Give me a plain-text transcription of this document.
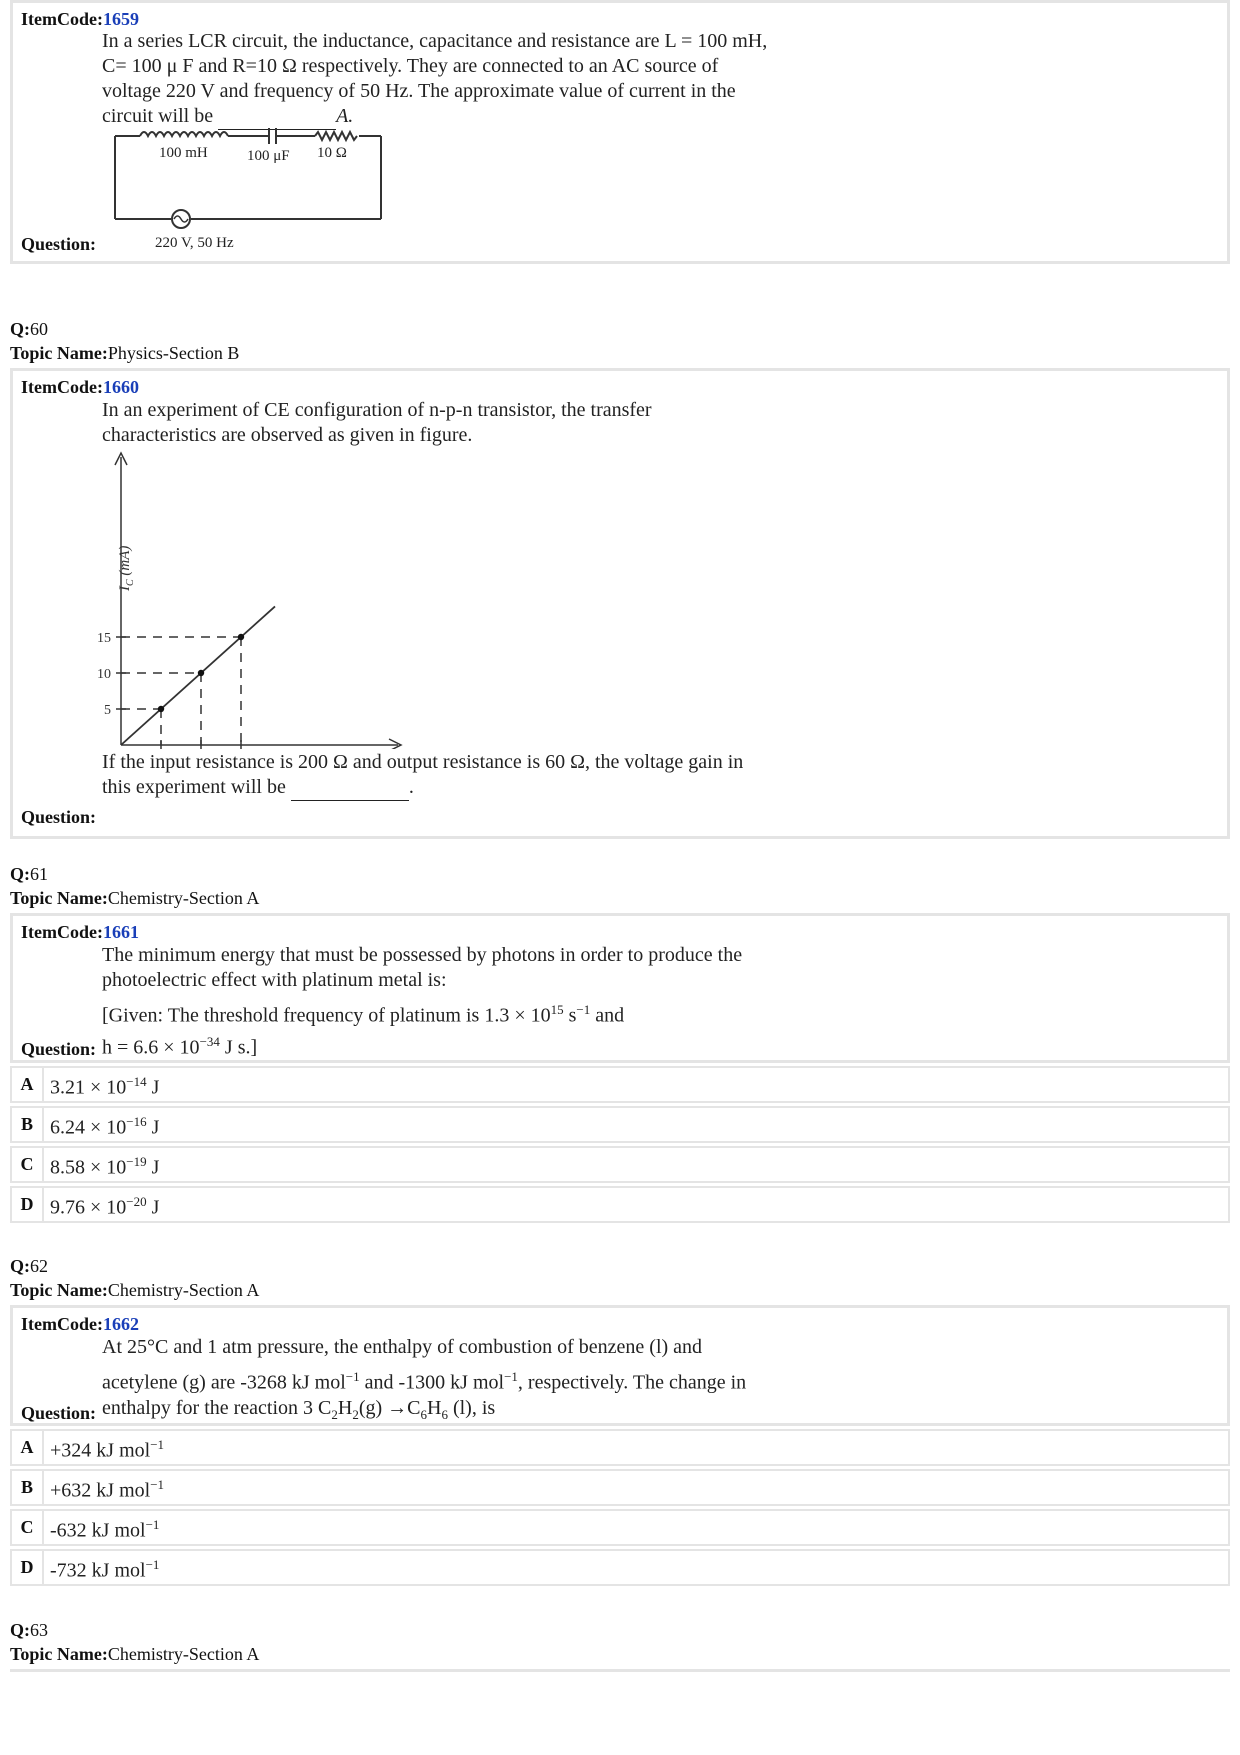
ItemCode:1659

In a series LCR circuit, the inductance, capacitance and resistance are L = 100 mH,

C= 100 μ F and R=10 Ω respectively. They are connected to an AC source of

voltage 220 V and frequency of 50 Hz. The approximate value of current in the

circuit will be	A.

100 mH	100 μF 10 Ω
220 V, 50 Hz
Question:
Q:60
Topic Name:Physics-Section B
ItemCode:1660

In an experiment of CE configuration of n-p-n transistor, the transfer

characteristics are observed as given in figure.

5
10
15
$I_C$ (mA)

If the input resistance is 200 Ω and output resistance is 60 Ω, the voltage gain in

this experiment will be	.

Question:
Q:61
Topic Name:Chemistry-Section A
ItemCode:1661

The minimum energy that must be possessed by photons in order to produce the

photoelectric effect with platinum metal is:

[Given: The threshold frequency of platinum is $1.3 \times 10^{15}$ $s^{-1}$ and

$h = 6.6 \times 10^{-34}$ J s.]

Question:
A $3.21 \times 10^{-14}$ J
B $6.24 \times 10^{-16}$ J
C $8.58 \times 10^{-19}$ J
D $9.76 \times 10^{-20}$ J
Q:62
Topic Name:Chemistry-Section A
ItemCode:1662

At 25°C and 1 atm pressure, the enthalpy of combustion of benzene (l) and

acetylene (g) are -3268 kJ mol$^{-1}$ and -1300 kJ mol$^{-1}$, respectively. The change in

enthalpy for the reaction 3 $C_2H_2(g) \to C_6H_6$ (l), is

Question:
A +324 kJ mol$^{-1}$
B +632 kJ mol$^{-1}$
C -632 kJ mol$^{-1}$
D -732 kJ mol$^{-1}$
Q:63
Topic Name:Chemistry-Section A
